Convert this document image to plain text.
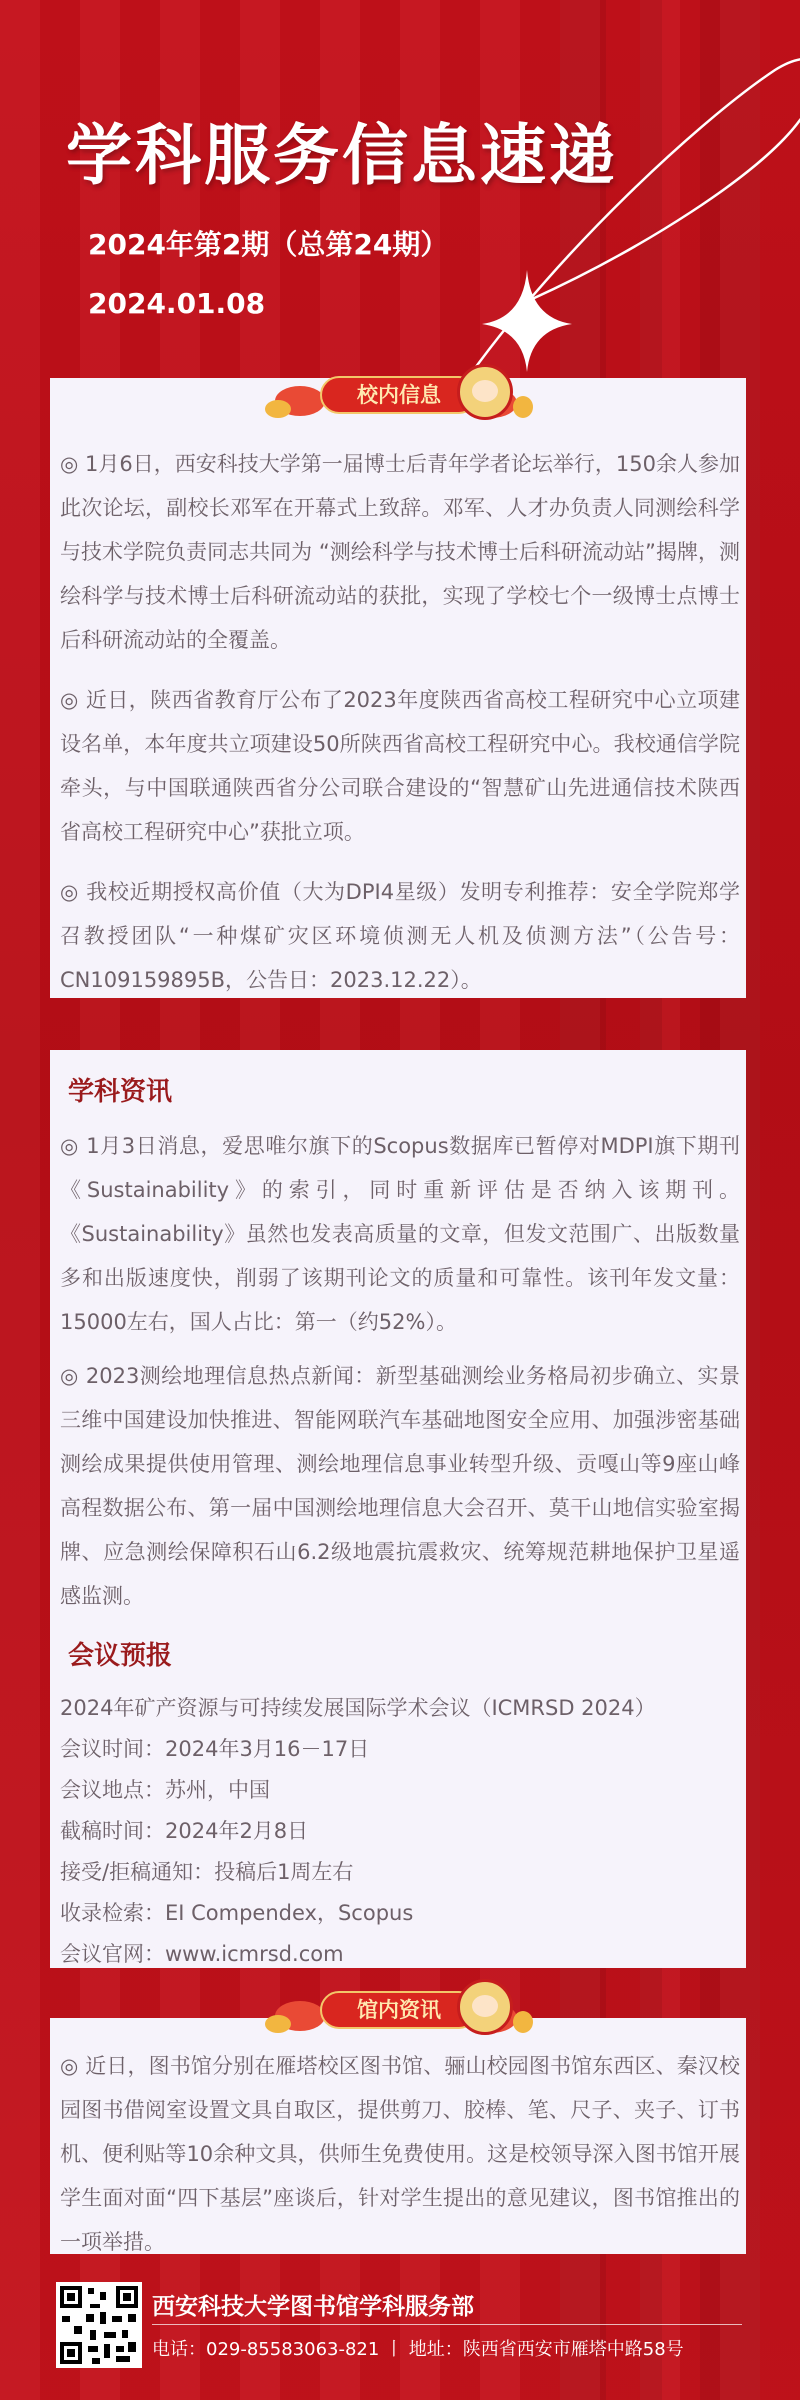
学科服务信息速递
2024年第2期（总第24期）
2024.01.08

◎ 1月6日，西安科技大学第一届博士后青年学者论坛举行，150余人参加此次论坛，副校长邓军在开幕式上致辞。邓军、人才办负责人同测绘科学与技术学院负责同志共同为 “测绘科学与技术博士后科研流动站”揭牌，测绘科学与技术博士后科研流动站的获批，实现了学校七个一级博士点博士后科研流动站的全覆盖。

◎ 近日，陕西省教育厅公布了2023年度陕西省高校工程研究中心立项建设名单，本年度共立项建设50所陕西省高校工程研究中心。我校通信学院牵头，与中国联通陕西省分公司联合建设的“智慧矿山先进通信技术陕西省高校工程研究中心”获批立项。

◎ 我校近期授权高价值（大为DPI4星级）发明专利推荐：安全学院郑学召教授团队“一种煤矿灾区环境侦测无人机及侦测方法”（公告号：CN109159895B，公告日：2023.12.22）。

校内信息
学科资讯

◎ 1月3日消息，爱思唯尔旗下的Scopus数据库已暂停对MDPI旗下期刊《Sustainability》的索引，同时重新评估是否纳入该期刊。《Sustainability》虽然也发表高质量的文章，但发文范围广、出版数量多和出版速度快，削弱了该期刊论文的质量和可靠性。该刊年发文量：15000左右，国人占比：第一（约52%）。

◎ 2023测绘地理信息热点新闻：新型基础测绘业务格局初步确立、实景三维中国建设加快推进、智能网联汽车基础地图安全应用、加强涉密基础测绘成果提供使用管理、测绘地理信息事业转型升级、贡嘎山等9座山峰高程数据公布、第一届中国测绘地理信息大会召开、莫干山地信实验室揭牌、应急测绘保障积石山6.2级地震抗震救灾、统筹规范耕地保护卫星遥感监测。

会议预报

2024年矿产资源与可持续发展国际学术会议（ICMRSD 2024）

会议时间：2024年3月16－17日

会议地点：苏州，中国

截稿时间：2024年2月8日

接受/拒稿通知：投稿后1周左右

收录检索：EI Compendex，Scopus

会议官网：www.icmrsd.com

◎ 近日，图书馆分别在雁塔校区图书馆、骊山校园图书馆东西区、秦汉校园图书借阅室设置文具自取区，提供剪刀、胶棒、笔、尺子、夹子、订书机、便利贴等10余种文具，供师生免费使用。这是校领导深入图书馆开展学生面对面“四下基层”座谈后，针对学生提出的意见建议，图书馆推出的一项举措。

馆内资讯
西安科技大学图书馆学科服务部
电话：029-85583063-821 丨 地址：陕西省西安市雁塔中路58号
